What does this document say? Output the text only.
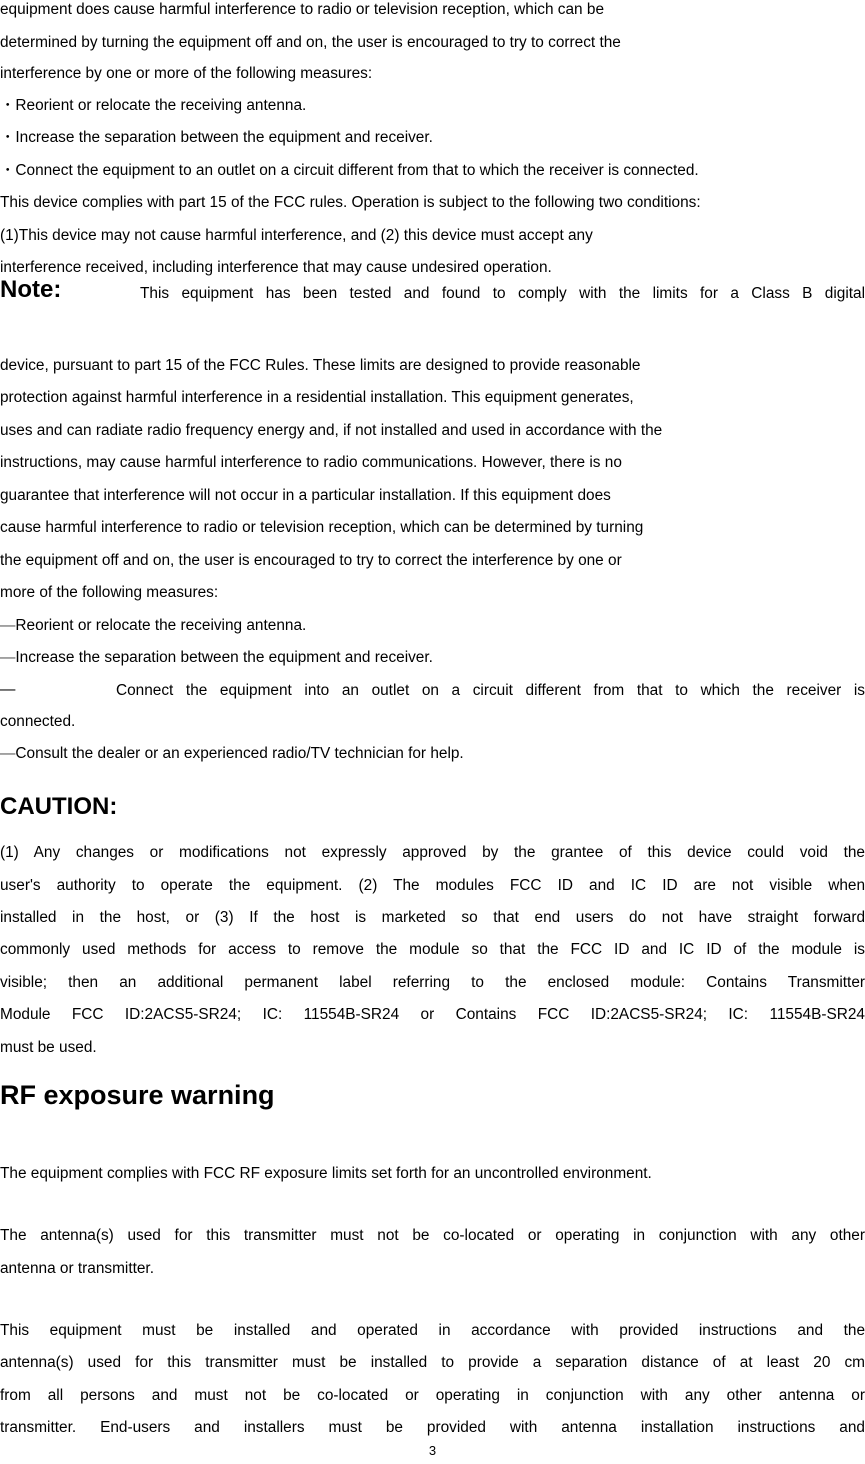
equipment does cause harmful interference to radio or television reception, which can be
determined by turning the equipment off and on, the user is encouraged to try to correct the
interference by one or more of the following measures:
・Reorient or relocate the receiving antenna.
・Increase the separation between the equipment and receiver.
・Connect the equipment to an outlet on a circuit different from that to which the receiver is connected.
This device complies with part 15 of the FCC rules. Operation is subject to the following two conditions:
(1)This device may not cause harmful interference, and (2) this device must accept any
interference received, including interference that may cause undesired operation.
Note:	This equipment has been tested and found to comply with the limits for a Class B digital
device, pursuant to part 15 of the FCC Rules. These limits are designed to provide reasonable
protection against harmful interference in a residential installation. This equipment generates,
uses and can radiate radio frequency energy and, if not installed and used in accordance with the
instructions, may cause harmful interference to radio communications. However, there is no
guarantee that interference will not occur in a particular installation. If this equipment does
cause harmful interference to radio or television reception, which can be determined by turning
the equipment off and on, the user is encouraged to try to correct the interference by one or
more of the following measures:
—Reorient or relocate the receiving antenna.
—Increase the separation between the equipment and receiver.
—	Connect the equipment into an outlet on a circuit different from that to which the receiver is
connected.
—Consult the dealer or an experienced radio/TV technician for help.
CAUTION:
(1) Any changes or modifications not expressly approved by the grantee of this device could void the
user's authority to operate the equipment. (2) The modules FCC ID and IC ID are not visible when
installed in the host, or (3) If the host is marketed so that end users do not have straight forward
commonly used methods for access to remove the module so that the FCC ID and IC ID of the module is
visible; then an additional permanent label referring to the enclosed module: Contains Transmitter
Module FCC ID:2ACS5-SR24; IC: 11554B-SR24 or Contains FCC ID:2ACS5-SR24; IC: 11554B-SR24
must be used.
RF exposure warning
The equipment complies with FCC RF exposure limits set forth for an uncontrolled environment.
The antenna(s) used for this transmitter must not be co-located or operating in conjunction with any other
antenna or transmitter.
This equipment must be installed and operated in accordance with provided instructions and the
antenna(s) used for this transmitter must be installed to provide a separation distance of at least 20 cm
from all persons and must not be co-located or operating in conjunction with any other antenna or
transmitter. End-users and installers must be provided with antenna installation instructions and
3
